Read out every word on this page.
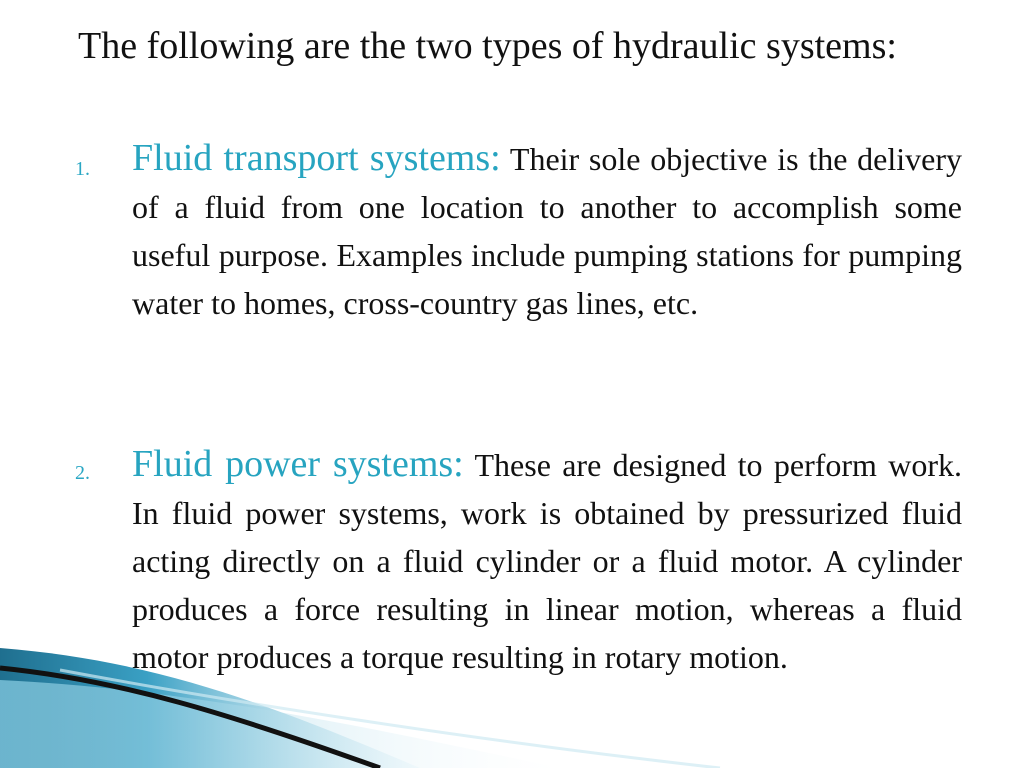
The following are the two types of hydraulic systems:
1. Fluid transport systems: Their sole objective is the delivery of a fluid from one location to another to accomplish some useful purpose. Examples include pumping stations for pumping water to homes, cross-country gas lines, etc.
2. Fluid power systems: These are designed to perform work. In fluid power systems, work is obtained by pressurized fluid acting directly on a fluid cylinder or a fluid motor. A cylinder produces a force resulting in linear motion, whereas a fluid motor produces a torque resulting in rotary motion.
